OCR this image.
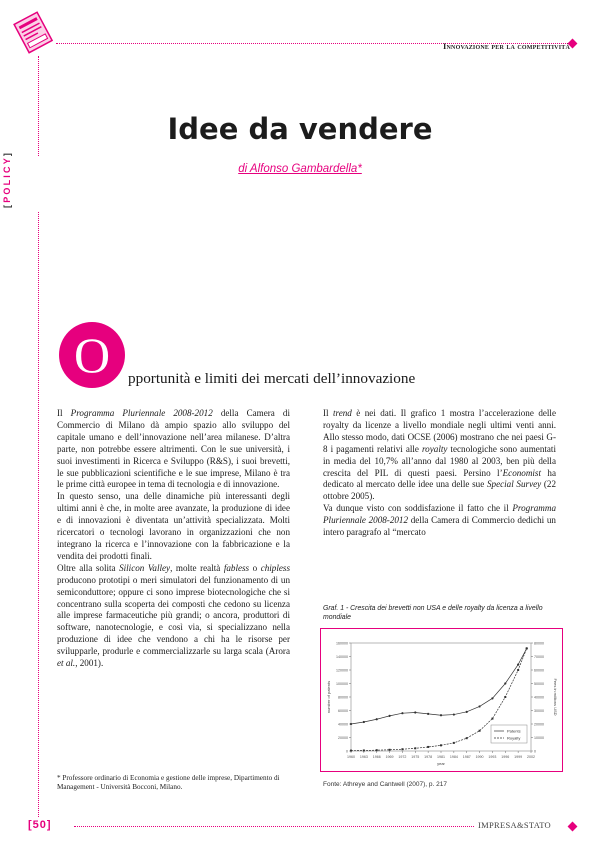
Innovazione per la competitività
[POLICY]
Idee da vendere
di Alfonso Gambardella*
O	pportunità e limiti dei mercati dell’innovazione

Il Programma Pluriennale 2008-2012 della Camera di Commercio di Milano dà ampio spazio allo sviluppo del capitale umano e dell’innovazione nell’area milanese. D’altra parte, non potrebbe essere altrimenti. Con le sue università, i suoi investimenti in Ricerca e Sviluppo (R&S), i suoi brevetti, le sue pubblicazioni scientifiche e le sue imprese, Milano è tra le prime città europee in tema di tecnologia e di innovazione.

In questo senso, una delle dinamiche più interessanti degli ultimi anni è che, in molte aree avanzate, la produzione di idee e di innovazioni è diventata un’attività specializzata. Molti ricercatori o tecnologi lavorano in organizzazioni che non integrano la ricerca e l’innovazione con la fabbricazione e la vendita dei prodotti finali.

Oltre alla solita Silicon Valley, molte realtà fabless o chipless producono prototipi o meri simulatori del funzionamento di un semiconduttore; oppure ci sono imprese biotecnologiche che si concentrano sulla scoperta dei composti che cedono su licenza alle imprese farmaceutiche più grandi; o ancora, produttori di software, nanotecnologie, e così via, si specializzano nella produzione di idee che vendono a chi ha le risorse per svilupparle, produrle e commercializzarle su larga scala (Arora et al., 2001).

Il trend è nei dati. Il grafico 1 mostra l’accelerazione delle royalty da licenze a livello mondiale negli ultimi venti anni. Allo stesso modo, dati OCSE (2006) mostrano che nei paesi G-8 i pagamenti relativi alle royalty tecnologiche sono aumentati in media del 10,7% all’anno dal 1980 al 2003, ben più della crescita del PIL di questi paesi. Persino l’Economist ha dedicato al mercato delle idee una delle sue Special Survey (22 ottobre 2005).

Va dunque visto con soddisfazione il fatto che il Programma Pluriennale 2008-2012 della Camera di Commercio dedichi un intero paragrafo al “mercato

* Professore ordinario di Economia e gestione delle imprese, Dipartimento di Management - Università Bocconi, Milano.
Graf. 1 - Crescita dei brevetti non USA e delle royalty da licenza a livello mondiale
0
20000
40000
60000
80000
100000
120000
140000
160000
0
10000
20000
30000
40000
50000
60000
70000
80000
1960 1963 1966 1969 1972 1975 1978 1981 1984 1987 1990 1993 1996 1999 2002
year
number of patents	Fees in millions USD
Patents
Royalty
Fonte: Athreye and Cantwell (2007), p. 217
[50]	IMPRESA&STATO
